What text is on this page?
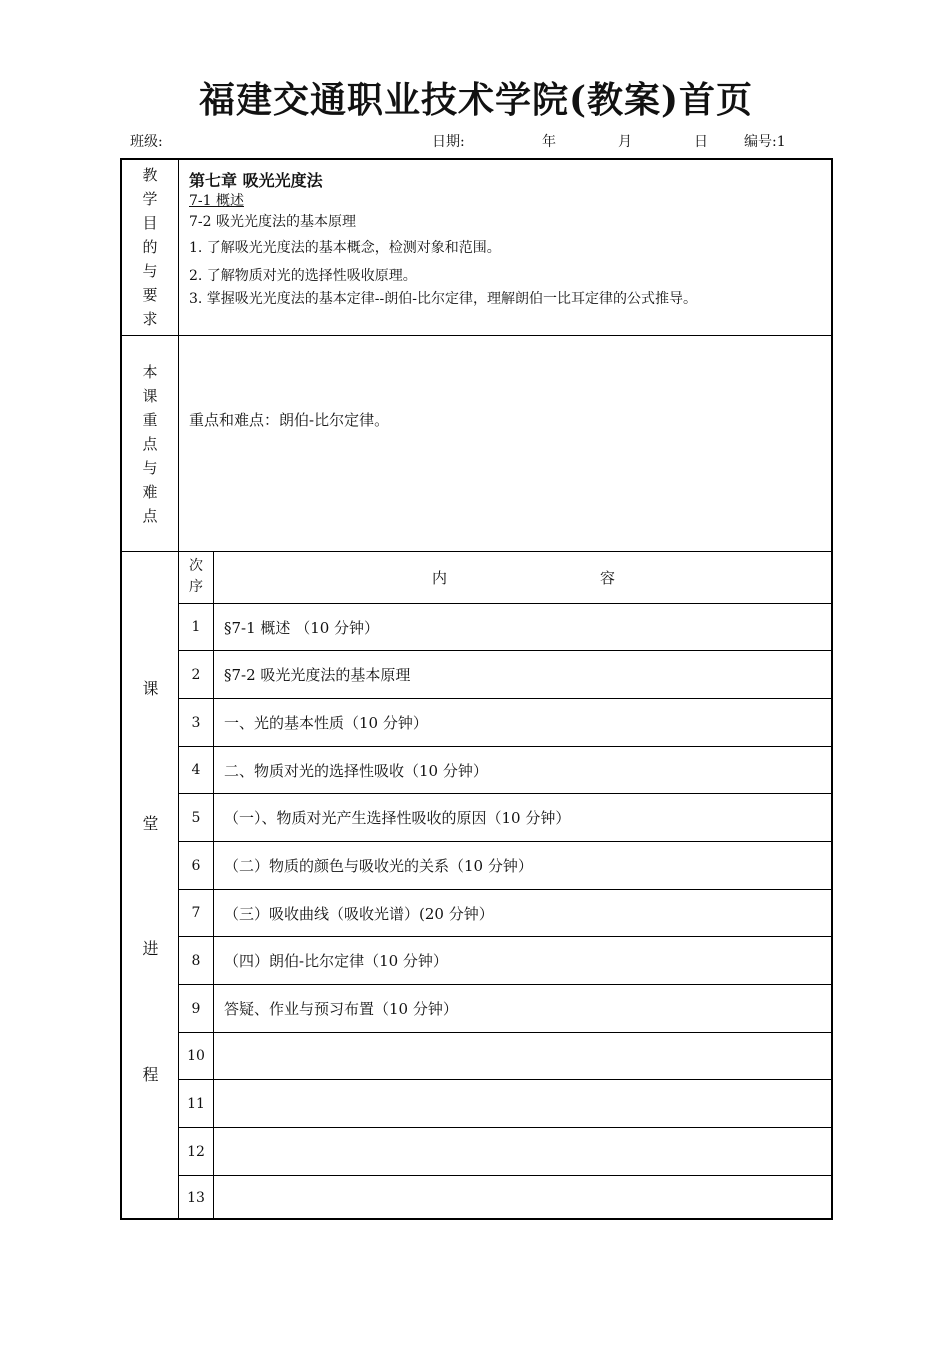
福建交通职业技术学院(教案)首页
班级:	日期:	年	月	日	编号:1
教
学
目
的
与
要
求
第七章 吸光光度法
7-1 概述
7-2 吸光光度法的基本原理
1. 了解吸光光度法的基本概念，检测对象和范围。
2. 了解物质对光的选择性吸收原理。
3. 掌握吸光光度法的基本定律--朗伯-比尔定律，理解朗伯一比耳定律的公式推导。
本
课
重
点
与
难
点
重点和难点：朗伯-比尔定律。
课
堂
进
程
次
序	内	容
1	§7-1 概述 （10 分钟）
2	§7-2 吸光光度法的基本原理
3	一、光的基本性质（10 分钟）
4	二、物质对光的选择性吸收（10 分钟）
5	（一）、物质对光产生选择性吸收的原因（10 分钟）
6	（二）物质的颜色与吸收光的关系（10 分钟）
7	（三）吸收曲线（吸收光谱）(20 分钟）
8	（四）朗伯-比尔定律（10 分钟）
9	答疑、作业与预习布置（10 分钟）
10
11
12
13
